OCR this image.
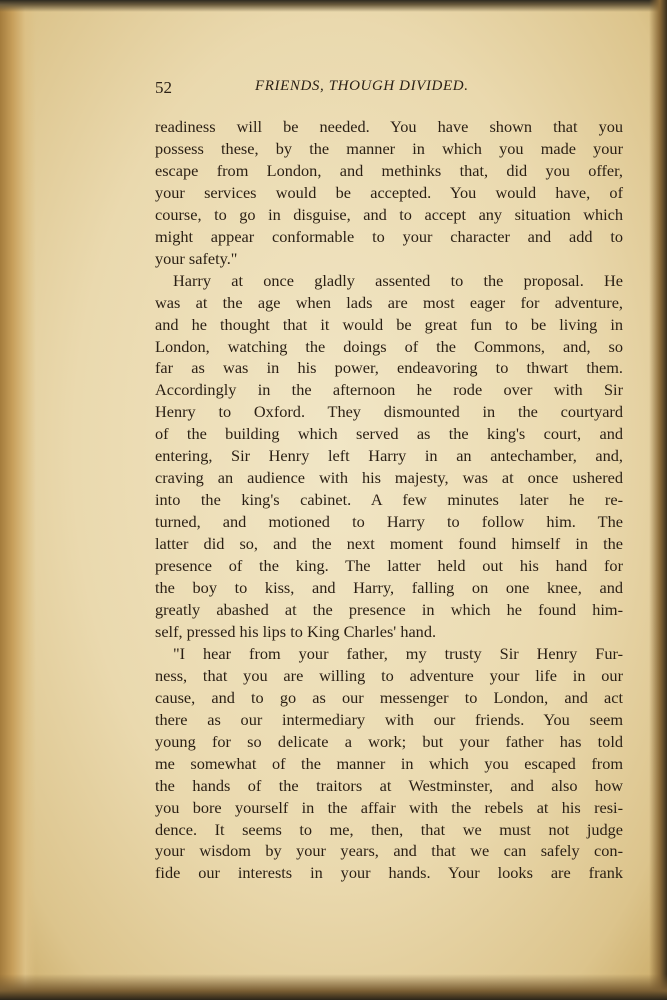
52	FRIENDS, THOUGH DIVIDED.
readiness will be needed. You have shown that you
possess these, by the manner in which you made your
escape from London, and methinks that, did you offer,
your services would be accepted. You would have, of
course, to go in disguise, and to accept any situation which
might appear conformable to your character and add to
your safety."
Harry at once gladly assented to the proposal. He
was at the age when lads are most eager for adventure,
and he thought that it would be great fun to be living in
London, watching the doings of the Commons, and, so
far as was in his power, endeavoring to thwart them.
Accordingly in the afternoon he rode over with Sir
Henry to Oxford. They dismounted in the courtyard
of the building which served as the king's court, and
entering, Sir Henry left Harry in an antechamber, and,
craving an audience with his majesty, was at once ushered
into the king's cabinet. A few minutes later he re-
turned, and motioned to Harry to follow him. The
latter did so, and the next moment found himself in the
presence of the king. The latter held out his hand for
the boy to kiss, and Harry, falling on one knee, and
greatly abashed at the presence in which he found him-
self, pressed his lips to King Charles' hand.
"I hear from your father, my trusty Sir Henry Fur-
ness, that you are willing to adventure your life in our
cause, and to go as our messenger to London, and act
there as our intermediary with our friends. You seem
young for so delicate a work; but your father has told
me somewhat of the manner in which you escaped from
the hands of the traitors at Westminster, and also how
you bore yourself in the affair with the rebels at his resi-
dence. It seems to me, then, that we must not judge
your wisdom by your years, and that we can safely con-
fide our interests in your hands. Your looks are frank
